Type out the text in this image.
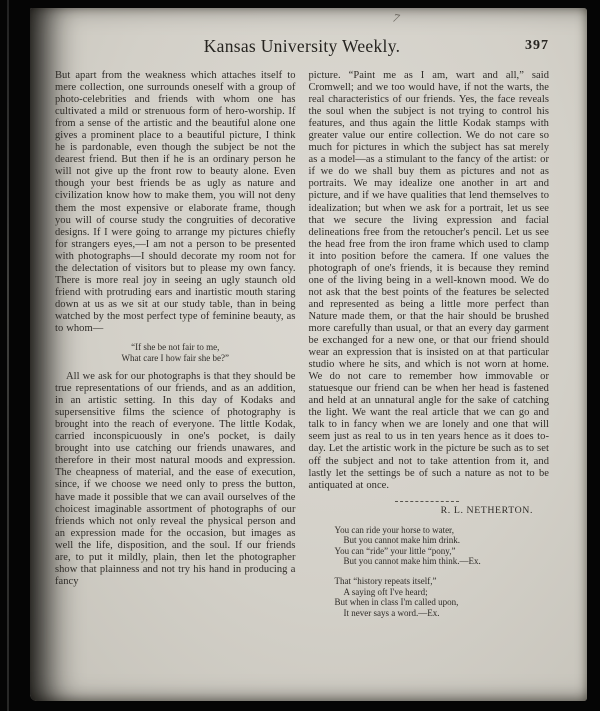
7
Kansas University Weekly.	397

But apart from the weakness which attaches itself to mere collection, one surrounds oneself with a group of photo-celebrities and friends with whom one has cultivated a mild or strenuous form of hero-worship. If from a sense of the artistic and the beautiful alone one gives a prominent place to a beautiful picture, I think he is pardonable, even though the subject be not the dearest friend. But then if he is an ordinary person he will not give up the front row to beauty alone. Even though your best friends be as ugly as nature and civilization know how to make them, you will not deny them the most expensive or elaborate frame, though you will of course study the congruities of decorative designs. If I were going to arrange my pictures chiefly for strangers eyes,—I am not a person to be presented with photographs—I should decorate my room not for the delectation of visitors but to please my own fancy. There is more real joy in seeing an ugly staunch old friend with protruding ears and inartistic mouth staring down at us as we sit at our study table, than in being watched by the most perfect type of feminine beauty, as to whom—

“If she be not fair to me,
What care I how fair she be?”

All we ask for our photographs is that they should be true representations of our friends, and as an addition, in an artistic setting. In this day of Kodaks and supersensitive films the science of photography is brought into the reach of everyone. The little Kodak, carried inconspicuously in one's pocket, is daily brought into use catching our friends unawares, and therefore in their most natural moods and expression. The cheapness of material, and the ease of execution, since, if we choose we need only to press the button, have made it possible that we can avail ourselves of the choicest imaginable assortment of photographs of our friends which not only reveal the physical person and an expression made for the occasion, but images as well the life, disposition, and the soul. If our friends are, to put it mildly, plain, then let the photographer show that plainness and not try his hand in producing a fancy

picture. “Paint me as I am, wart and all,” said Cromwell; and we too would have, if not the warts, the real characteristics of our friends. Yes, the face reveals the soul when the subject is not trying to control his features, and thus again the little Kodak stamps with greater value our entire collection. We do not care so much for pictures in which the subject has sat merely as a model—as a stimulant to the fancy of the artist: or if we do we shall buy them as pictures and not as portraits. We may idealize one another in art and picture, and if we have qualities that lend themselves to idealization; but when we ask for a portrait, let us see that we secure the living expression and facial delineations free from the retoucher's pencil. Let us see the head free from the iron frame which used to clamp it into position before the camera. If one values the photograph of one's friends, it is because they remind one of the living being in a well-known mood. We do not ask that the best points of the features be selected and represented as being a little more perfect than Nature made them, or that the hair should be brushed more carefully than usual, or that an every day garment be exchanged for a new one, or that our friend should wear an expression that is insisted on at that particular studio where he sits, and which is not worn at home. We do not care to remember how immovable or statuesque our friend can be when her head is fastened and held at an unnatural angle for the sake of catching the light. We want the real article that we can go and talk to in fancy when we are lonely and one that will seem just as real to us in ten years hence as it does to-day. Let the artistic work in the picture be such as to set off the subject and not to take attention from it, and lastly let the settings be of such a nature as not to be antiquated at once.

R. L. NETHERTON.
You can ride your horse to water,
But you cannot make him drink.
You can “ride” your little “pony,”
But you cannot make him think.—Ex.
That “history repeats itself,”
A saying oft I've heard;
But when in class I'm called upon,
It never says a word.—Ex.
